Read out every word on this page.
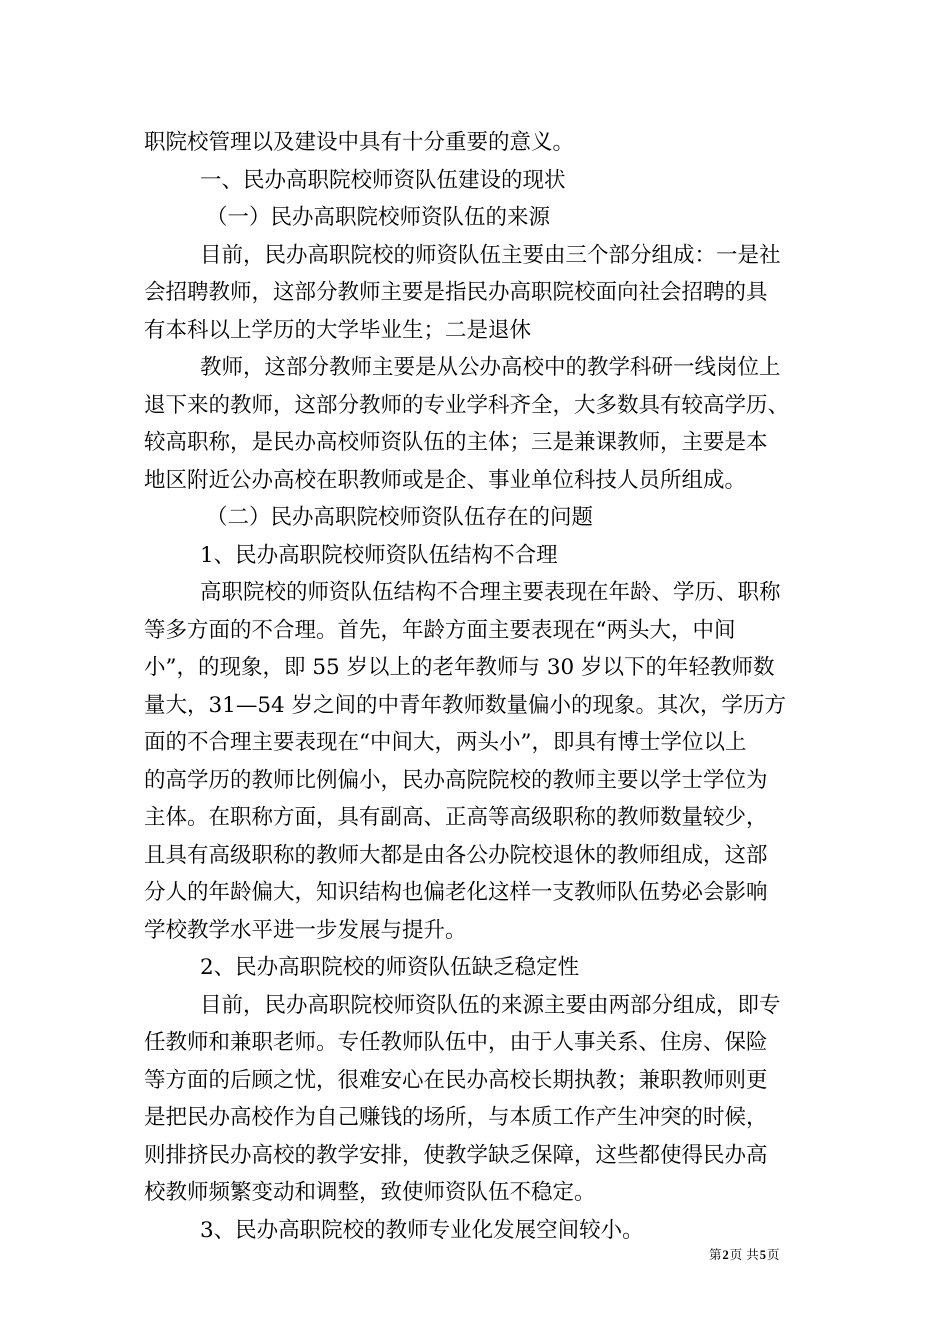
职院校管理以及建设中具有十分重要的意义。
一、民办高职院校师资队伍建设的现状
（一）民办高职院校师资队伍的来源
目前，民办高职院校的师资队伍主要由三个部分组成：一是社
会招聘教师，这部分教师主要是指民办高职院校面向社会招聘的具
有本科以上学历的大学毕业生；二是退休
教师，这部分教师主要是从公办高校中的教学科研一线岗位上
退下来的教师，这部分教师的专业学科齐全，大多数具有较高学历、
较高职称，是民办高校师资队伍的主体；三是兼课教师，主要是本
地区附近公办高校在职教师或是企、事业单位科技人员所组成。
（二）民办高职院校师资队伍存在的问题
1、民办高职院校师资队伍结构不合理
高职院校的师资队伍结构不合理主要表现在年龄、学历、职称
等多方面的不合理。首先，年龄方面主要表现在“两头大，中间
小”，的现象，即 55 岁以上的老年教师与 30 岁以下的年轻教师数
量大，31—54 岁之间的中青年教师数量偏小的现象。其次，学历方
面的不合理主要表现在“中间大，两头小”，即具有博士学位以上
的高学历的教师比例偏小，民办高院院校的教师主要以学士学位为
主体。在职称方面，具有副高、正高等高级职称的教师数量较少，
且具有高级职称的教师大都是由各公办院校退休的教师组成，这部
分人的年龄偏大，知识结构也偏老化这样一支教师队伍势必会影响
学校教学水平进一步发展与提升。
2、民办高职院校的师资队伍缺乏稳定性
目前，民办高职院校师资队伍的来源主要由两部分组成，即专
任教师和兼职老师。专任教师队伍中，由于人事关系、住房、保险
等方面的后顾之忧，很难安心在民办高校长期执教；兼职教师则更
是把民办高校作为自己赚钱的场所，与本质工作产生冲突的时候，
则排挤民办高校的教学安排，使教学缺乏保障，这些都使得民办高
校教师频繁变动和调整，致使师资队伍不稳定。
3、民办高职院校的教师专业化发展空间较小。
第2页 共5页
